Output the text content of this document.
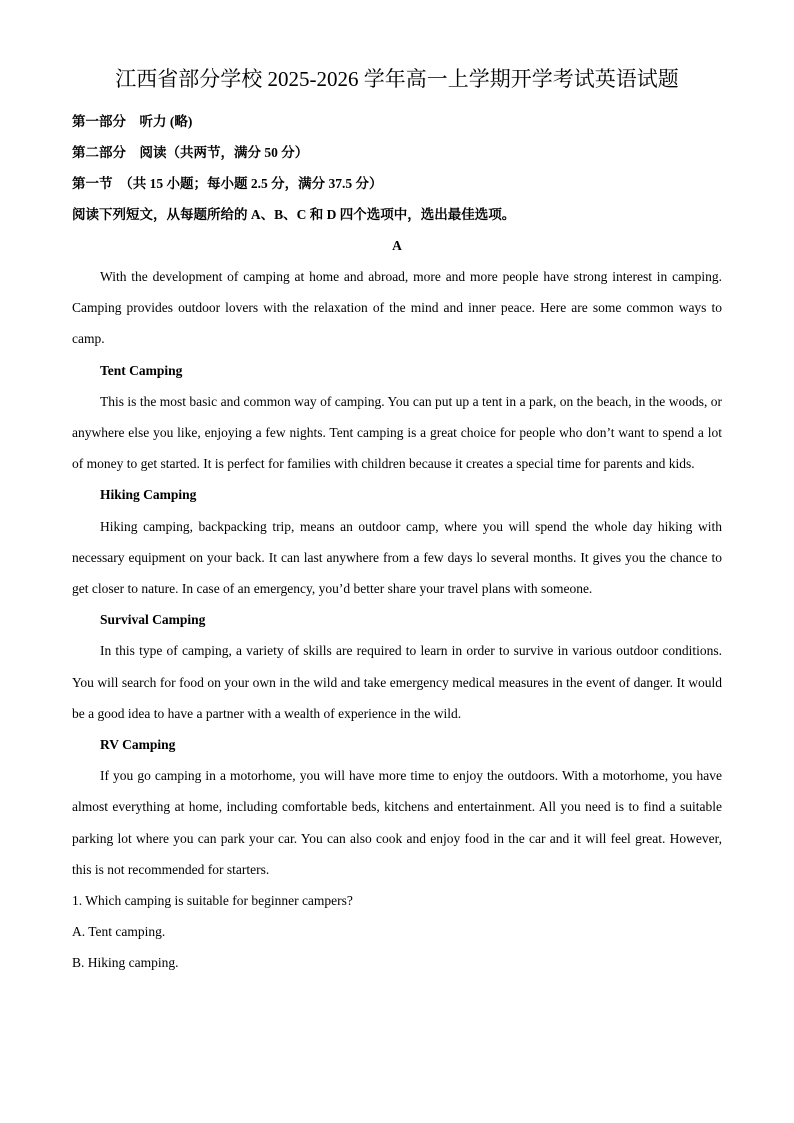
江西省部分学校 2025-2026 学年高一上学期开学考试英语试题

第一部分　听力 (略)

第二部分　阅读（共两节，满分 50 分）

第一节　（共 15 小题；每小题 2.5 分，满分 37.5 分）

阅读下列短文，从每题所给的 A、B、C 和 D 四个选项中，选出最佳选项。

A

With the development of camping at home and abroad, more and more people have strong interest in camping. Camping provides outdoor lovers with the relaxation of the mind and inner peace. Here are some common ways to camp.

Tent Camping

This is the most basic and common way of camping. You can put up a tent in a park, on the beach, in the woods, or anywhere else you like, enjoying a few nights. Tent camping is a great choice for people who don’t want to spend a lot of money to get started. It is perfect for families with children because it creates a special time for parents and kids.

Hiking Camping

Hiking camping, backpacking trip, means an outdoor camp, where you will spend the whole day hiking with necessary equipment on your back. It can last anywhere from a few days lo several months. It gives you the chance to get closer to nature. In case of an emergency, you’d better share your travel plans with someone.

Survival Camping

In this type of camping, a variety of skills are required to learn in order to survive in various outdoor conditions. You will search for food on your own in the wild and take emergency medical measures in the event of danger. It would be a good idea to have a partner with a wealth of experience in the wild.

RV Camping

If you go camping in a motorhome, you will have more time to enjoy the outdoors. With a motorhome, you have almost everything at home, including comfortable beds, kitchens and entertainment. All you need is to find a suitable parking lot where you can park your car. You can also cook and enjoy food in the car and it will feel great. However, this is not recommended for starters.

1. Which camping is suitable for beginner campers?

A. Tent camping.

B. Hiking camping.
